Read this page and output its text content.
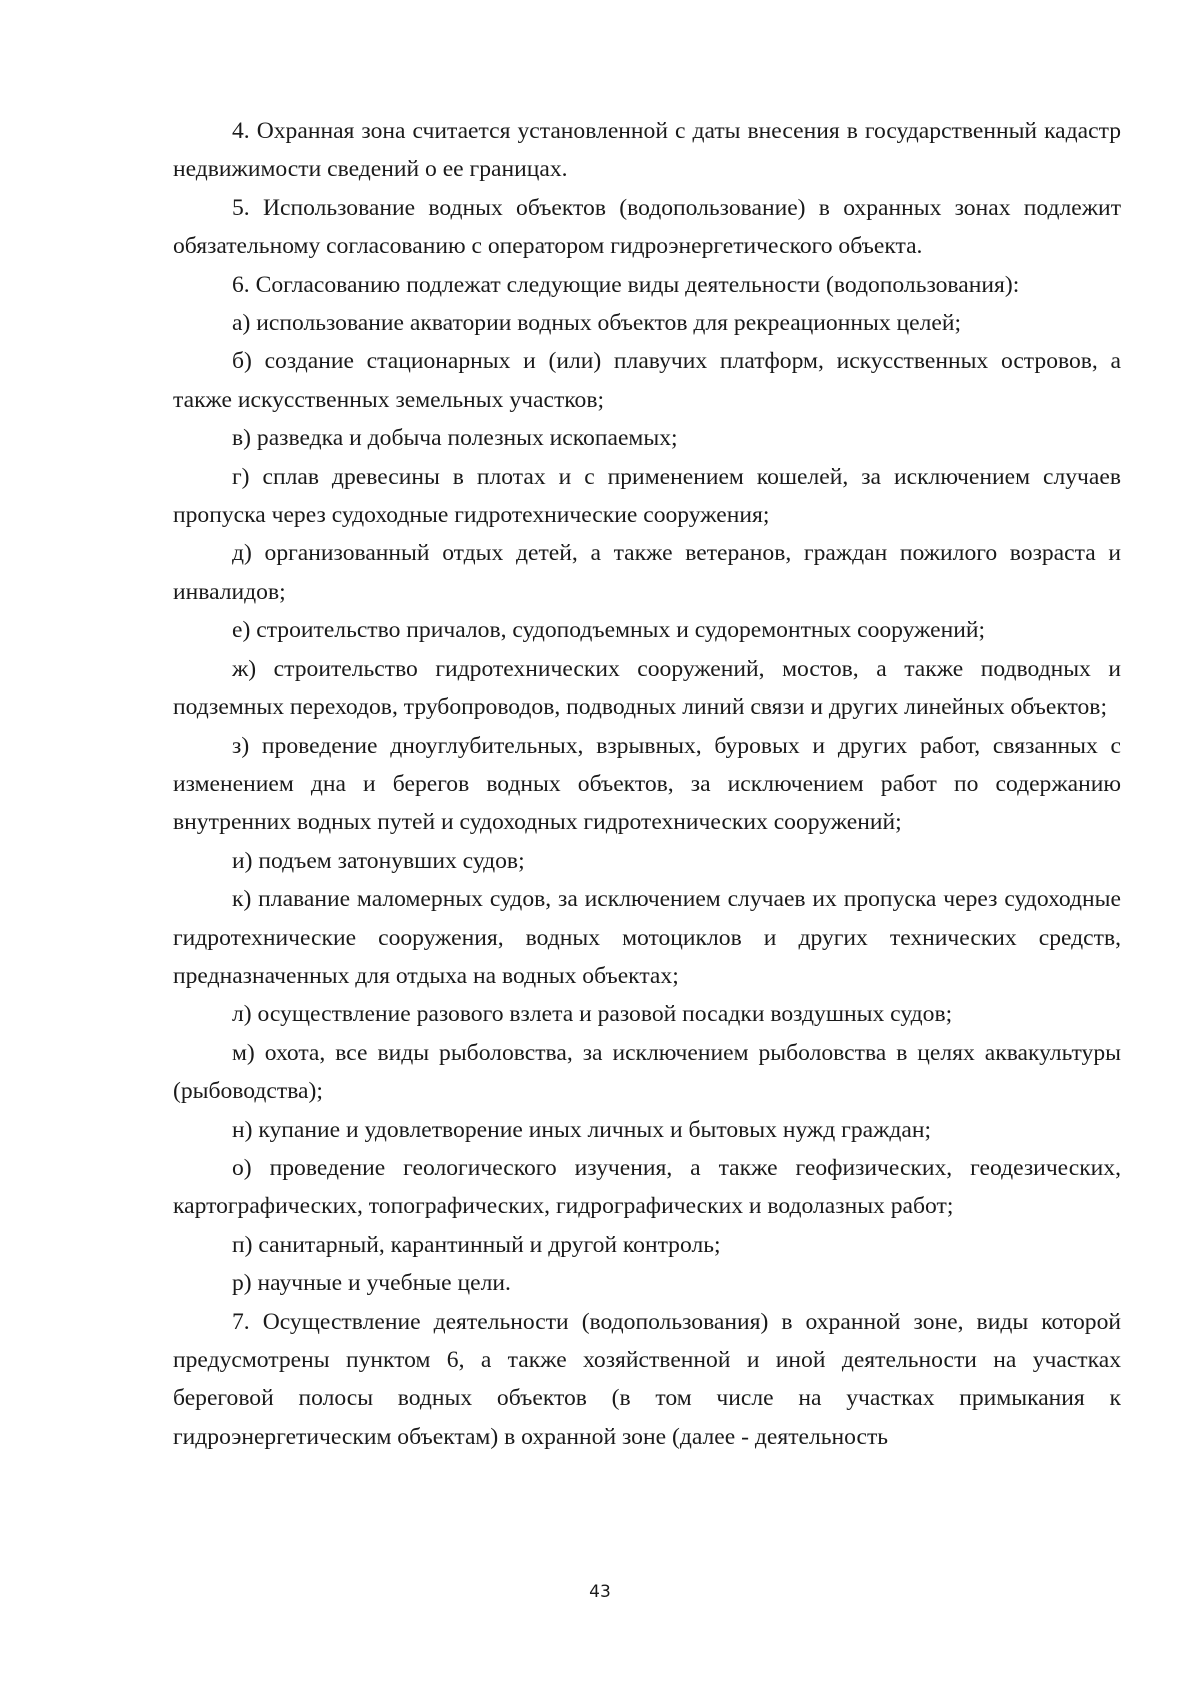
4. Охранная зона считается установленной с даты внесения в государственный кадастр недвижимости сведений о ее границах.

5. Использование водных объектов (водопользование) в охранных зонах подлежит обязательному согласованию с оператором гидроэнергетического объекта.

6. Согласованию подлежат следующие виды деятельности (водопользования):

а) использование акватории водных объектов для рекреационных целей;

б) создание стационарных и (или) плавучих платформ, искусственных островов, а также искусственных земельных участков;

в) разведка и добыча полезных ископаемых;

г) сплав древесины в плотах и с применением кошелей, за исключением случаев пропуска через судоходные гидротехнические сооружения;

д) организованный отдых детей, а также ветеранов, граждан пожилого возраста и инвалидов;

е) строительство причалов, судоподъемных и судоремонтных сооружений;

ж) строительство гидротехнических сооружений, мостов, а также подводных и подземных переходов, трубопроводов, подводных линий связи и других линейных объектов;

з) проведение дноуглубительных, взрывных, буровых и других работ, связанных с изменением дна и берегов водных объектов, за исключением работ по содержанию внутренних водных путей и судоходных гидротехнических сооружений;

и) подъем затонувших судов;

к) плавание маломерных судов, за исключением случаев их пропуска через судоходные гидротехнические сооружения, водных мотоциклов и других технических средств, предназначенных для отдыха на водных объектах;

л) осуществление разового взлета и разовой посадки воздушных судов;

м) охота, все виды рыболовства, за исключением рыболовства в целях аквакультуры (рыбоводства);

н) купание и удовлетворение иных личных и бытовых нужд граждан;

о) проведение геологического изучения, а также геофизических, геодезических, картографических, топографических, гидрографических и водолазных работ;

п) санитарный, карантинный и другой контроль;

р) научные и учебные цели.

7. Осуществление деятельности (водопользования) в охранной зоне, виды которой предусмотрены пунктом 6, а также хозяйственной и иной деятельности на участках береговой полосы водных объектов (в том числе на участках примыкания к гидроэнергетическим объектам) в охранной зоне (далее - деятельность

43
